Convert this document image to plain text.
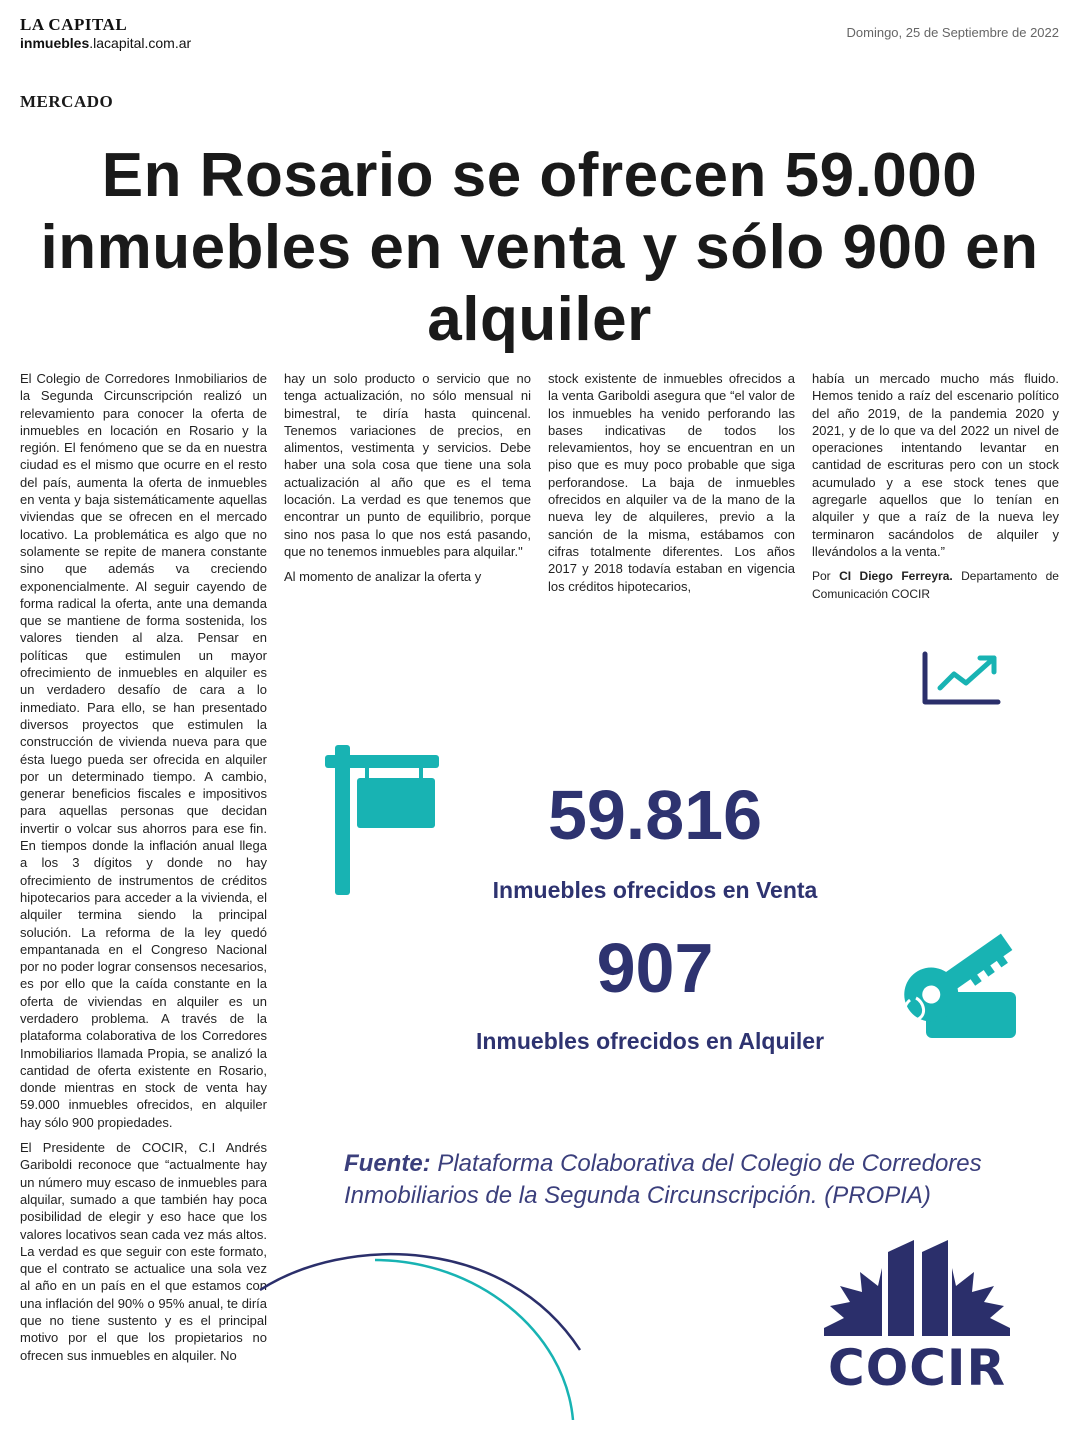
LA CAPITAL
inmuebles.lacapital.com.ar
Domingo, 25 de Septiembre de 2022
MERCADO
En Rosario se ofrecen 59.000 inmuebles en venta y sólo 900 en alquiler

El Colegio de Corredores Inmobiliarios de la Segunda Circunscripción realizó un relevamiento para conocer la oferta de inmuebles en locación en Rosario y la región. El fenómeno que se da en nuestra ciudad es el mismo que ocurre en el resto del país, aumenta la oferta de inmuebles en venta y baja sistemáticamente aquellas viviendas que se ofrecen en el mercado locativo. La problemática es algo que no solamente se repite de manera constante sino que además va creciendo exponencialmente. Al seguir cayendo de forma radical la oferta, ante una demanda que se mantiene de forma sostenida, los valores tienden al alza. Pensar en políticas que estimulen un mayor ofrecimiento de inmuebles en alquiler es un verdadero desafío de cara a lo inmediato. Para ello, se han presentado diversos proyectos que estimulen la construcción de vivienda nueva para que ésta luego pueda ser ofrecida en alquiler por un determinado tiempo. A cambio, generar beneficios fiscales e impositivos para aquellas personas que decidan invertir o volcar sus ahorros para ese fin. En tiempos donde la inflación anual llega a los 3 dígitos y donde no hay ofrecimiento de instrumentos de créditos hipotecarios para acceder a la vivienda, el alquiler termina siendo la principal solución. La reforma de la ley quedó empantanada en el Congreso Nacional por no poder lograr consensos necesarios, es por ello que la caída constante en la oferta de viviendas en alquiler es un verdadero problema. A través de la plataforma colaborativa de los Corredores Inmobiliarios llamada Propia, se analizó la cantidad de oferta existente en Rosario, donde mientras en stock de venta hay 59.000 inmuebles ofrecidos, en alquiler hay sólo 900 propiedades.

El Presidente de COCIR, C.I Andrés Gariboldi reconoce que “actualmente hay un número muy escaso de inmuebles para alquilar, sumado a que también hay poca posibilidad de elegir y eso hace que los valores locativos sean cada vez más altos. La verdad es que seguir con este formato, que el contrato se actualice una sola vez al año en un país en el que estamos con una inflación del 90% o 95% anual, te diría que no tiene sustento y es el principal motivo por el que los propietarios no ofrecen sus inmuebles en alquiler. No

hay un solo producto o servicio que no tenga actualización, no sólo mensual ni bimestral, te diría hasta quincenal. Tenemos variaciones de precios, en alimentos, vestimenta y servicios. Debe haber una sola cosa que tiene una sola actualización al año que es el tema locación. La verdad es que tenemos que encontrar un punto de equilibrio, porque sino nos pasa lo que nos está pasando, que no tenemos inmuebles para alquilar."

Al momento de analizar la oferta y

stock existente de inmuebles ofrecidos a la venta Gariboldi asegura que “el valor de los inmuebles ha venido perforando las bases indicativas de todos los relevamientos, hoy se encuentran en un piso que es muy poco probable que siga perforandose. La baja de inmuebles ofrecidos en alquiler va de la mano de la nueva ley de alquileres, previo a la sanción de la misma, estábamos con cifras totalmente diferentes. Los años 2017 y 2018 todavía estaban en vigencia los créditos hipotecarios,

había un mercado mucho más fluido. Hemos tenido a raíz del escenario político del año 2019, de la pandemia 2020 y 2021, y de lo que va del 2022 un nivel de operaciones intentando levantar en cantidad de escrituras pero con un stock acumulado y a ese stock tenes que agregarle aquellos que lo tenían en alquiler y que a raíz de la nueva ley terminaron sacándolos de alquiler y llevándolos a la venta.”

Por CI Diego Ferreyra. Departamento de Comunicación COCIR

59.816
Inmuebles ofrecidos en Venta
907
Inmuebles ofrecidos en Alquiler
Fuente: Plataforma Colaborativa del Colegio de Corredores Inmobiliarios de la Segunda Circunscripción. (PROPIA)
COCIR
